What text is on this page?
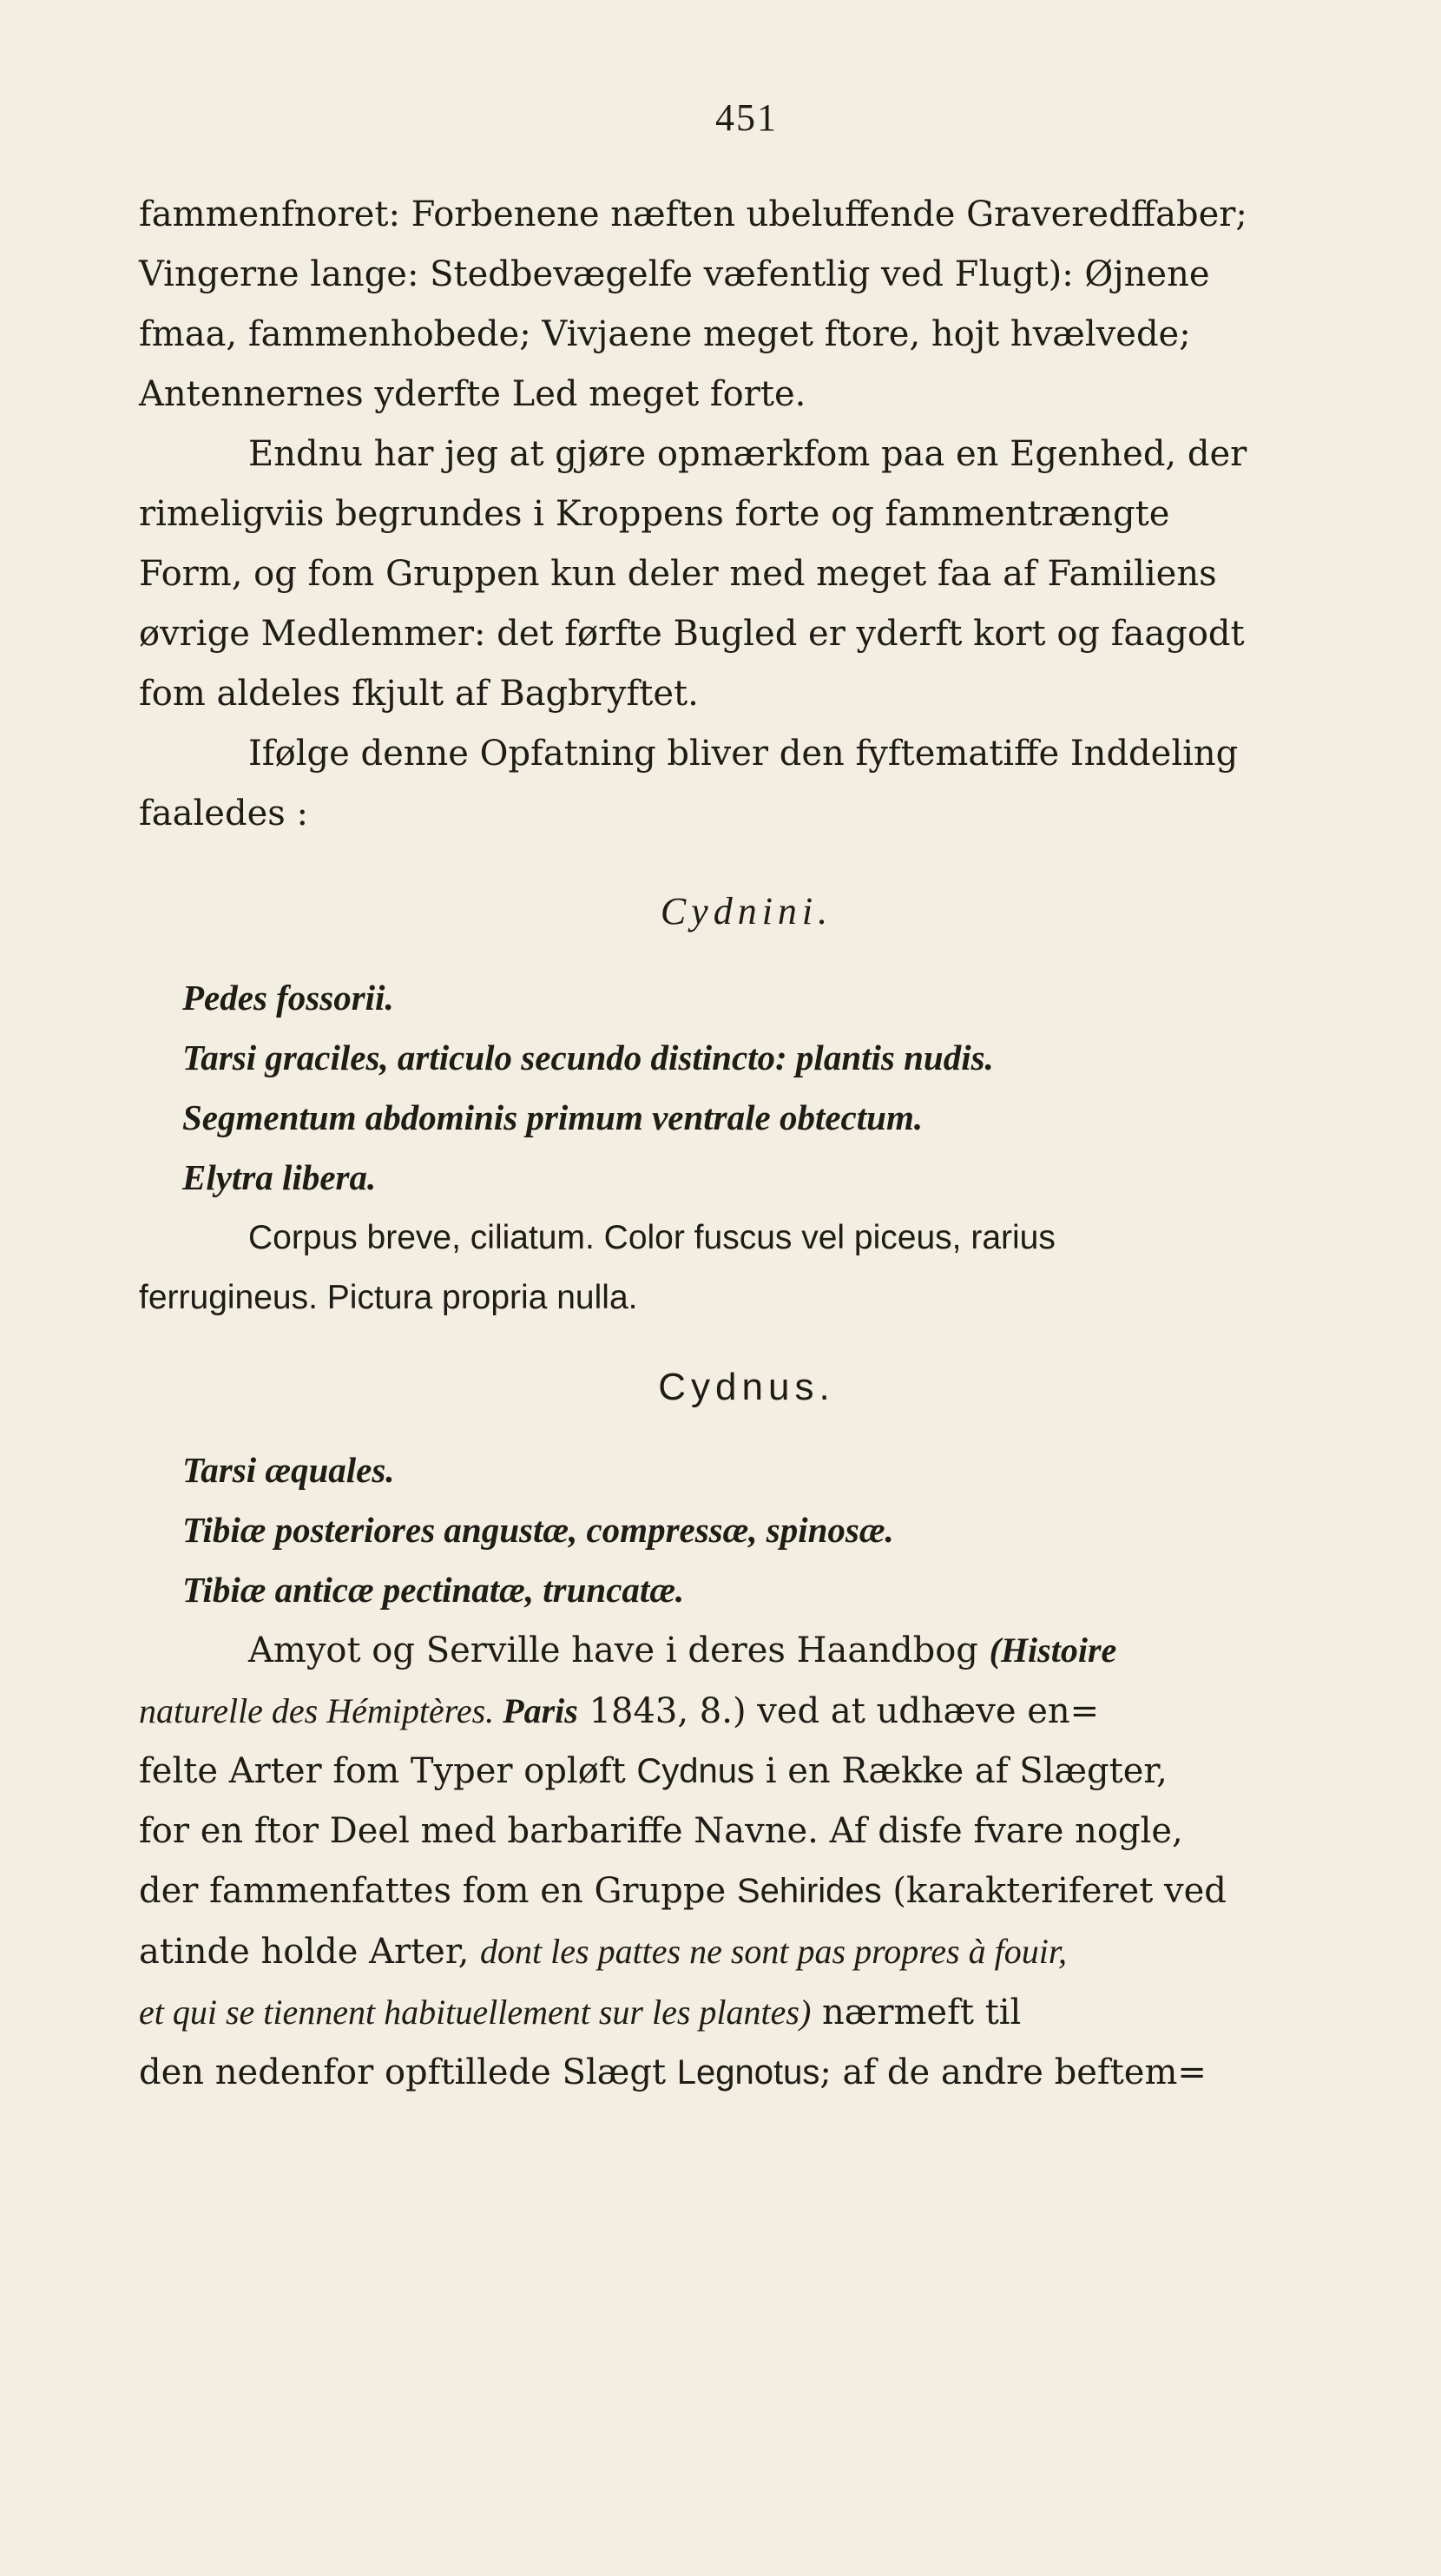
451

fammenfnoret: Forbenene næften ubeluffende Graveredffaber;
Vingerne lange: Stedbevægelfe væfentlig ved Flugt): Øjnene
fmaa, fammenhobede; Vivjaene meget ftore, hojt hvælvede;
Antennernes yderfte Led meget forte.

Endnu har jeg at gjøre opmærkfom paa en Egenhed, der
rimeligviis begrundes i Kroppens forte og fammentrængte
Form, og fom Gruppen kun deler med meget faa af Familiens
øvrige Medlemmer: det førfte Bugled er yderft kort og faagodt
fom aldeles fkjult af Bagbryftet.

Ifølge denne Opfatning bliver den fyftematiffe Inddeling
faaledes :

Cydnini.

Pedes fossorii.

Tarsi graciles, articulo secundo distincto: plantis nudis.

Segmentum abdominis primum ventrale obtectum.

Elytra libera.

Corpus breve, ciliatum. Color fuscus vel piceus, rarius
ferrugineus. Pictura propria nulla.

Cydnus.

Tarsi æquales.

Tibiæ posteriores angustæ, compressæ, spinosæ.

Tibiæ anticæ pectinatæ, truncatæ.

Amyot og Serville have i deres Haandbog (Histoire
naturelle des Hémiptères. Paris 1843, 8.) ved at udhæve en=
felte Arter fom Typer opløft Cydnus i en Række af Slægter,
for en ftor Deel med barbariffe Navne. Af disfe fvare nogle,
der fammenfattes fom en Gruppe Sehirides (karakteriferet ved
atinde holde Arter, dont les pattes ne sont pas propres à fouir,
et qui se tiennent habituellement sur les plantes) nærmeft til
den nedenfor opftillede Slægt Legnotus; af de andre beftem=
